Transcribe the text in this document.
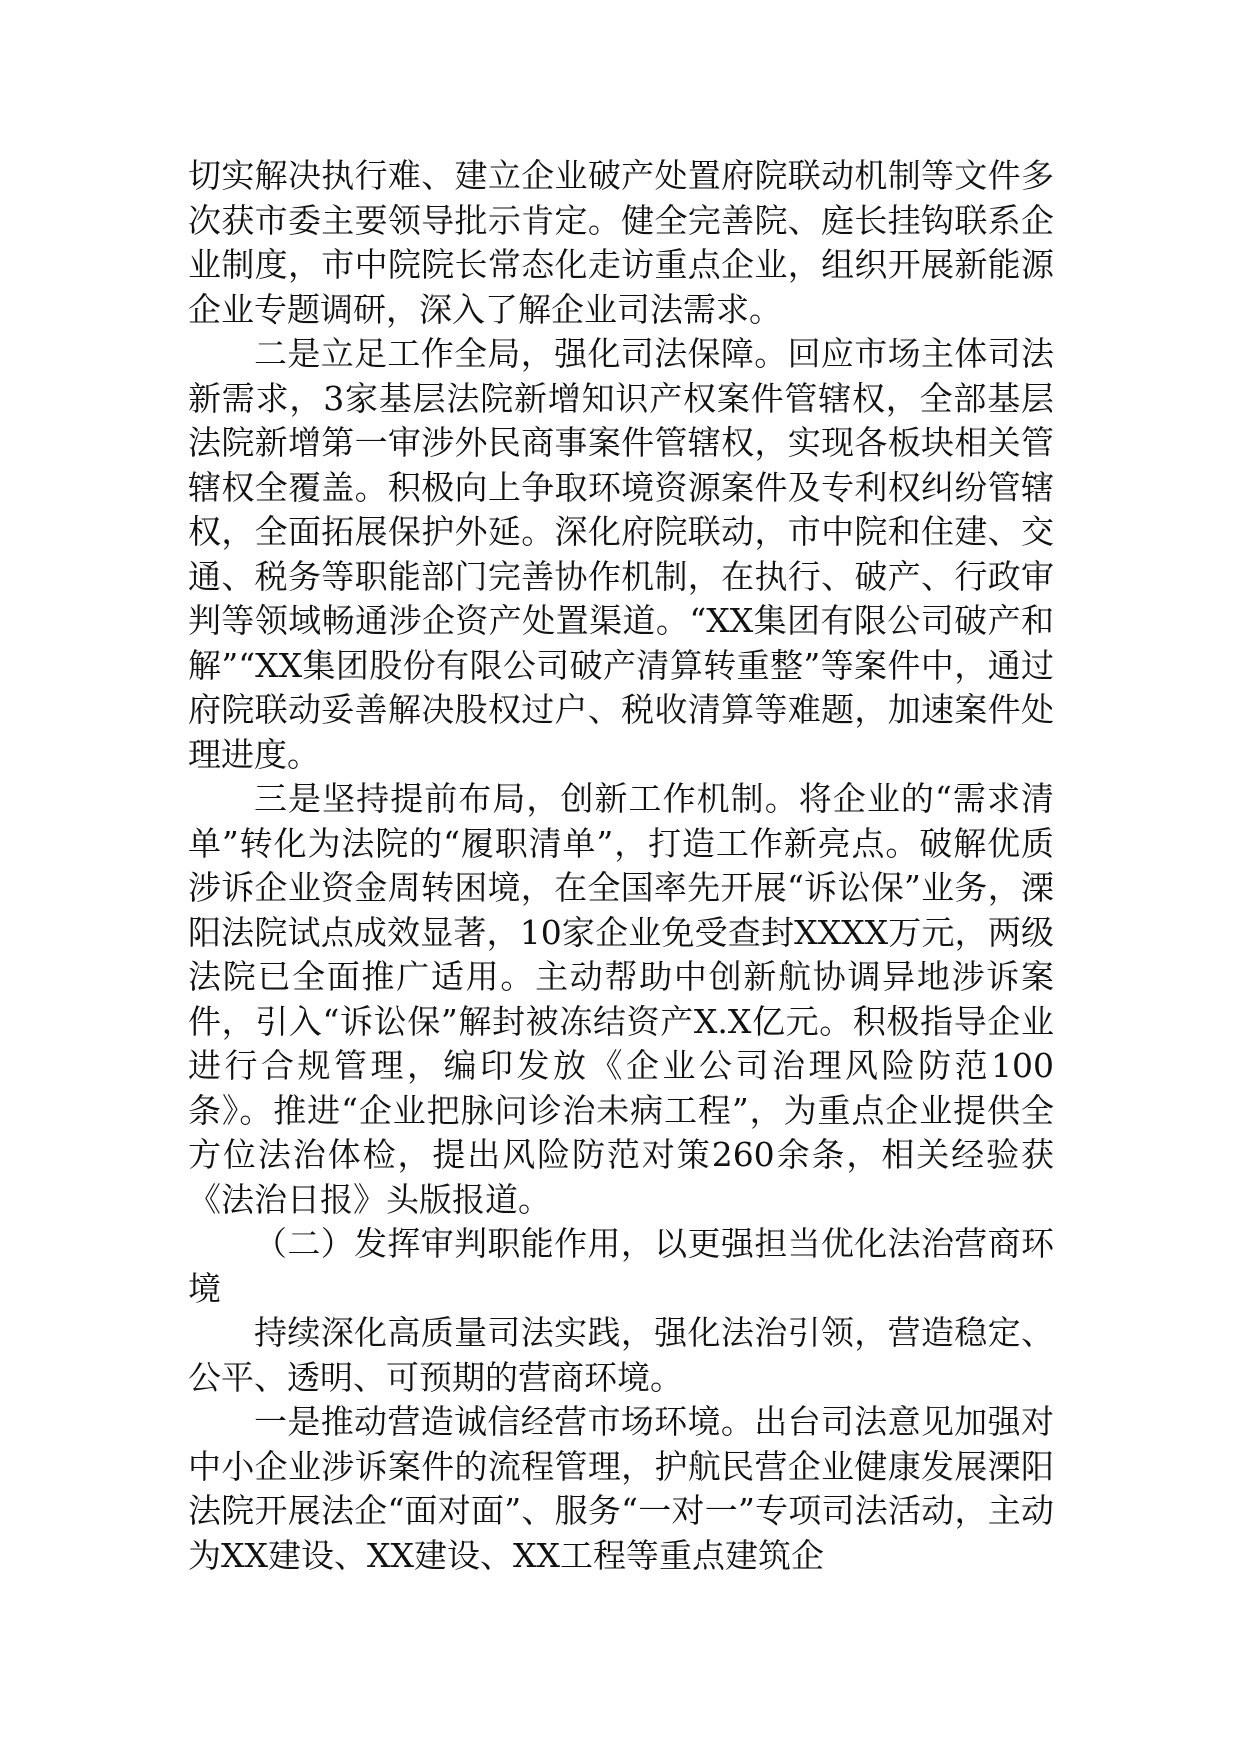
切实解决执行难、建立企业破产处置府院联动机制等文件多次获市委主要领导批示肯定。健全完善院、庭长挂钩联系企业制度，市中院院长常态化走访重点企业，组织开展新能源企业专题调研，深入了解企业司法需求。

二是立足工作全局，强化司法保障。回应市场主体司法新需求，3家基层法院新增知识产权案件管辖权，全部基层法院新增第一审涉外民商事案件管辖权，实现各板块相关管辖权全覆盖。积极向上争取环境资源案件及专利权纠纷管辖权，全面拓展保护外延。深化府院联动，市中院和住建、交通、税务等职能部门完善协作机制，在执行、破产、行政审判等领域畅通涉企资产处置渠道。“XX集团有限公司破产和解”“XX集团股份有限公司破产清算转重整”等案件中，通过府院联动妥善解决股权过户、税收清算等难题，加速案件处理进度。

三是坚持提前布局，创新工作机制。将企业的“需求清单”转化为法院的“履职清单”，打造工作新亮点。破解优质涉诉企业资金周转困境，在全国率先开展“诉讼保”业务，溧阳法院试点成效显著，10家企业免受查封XXXX万元，两级法院已全面推广适用。主动帮助中创新航协调异地涉诉案件，引入“诉讼保”解封被冻结资产X.X亿元。积极指导企业进行合规管理，编印发放《企业公司治理风险防范100条》。推进“企业把脉问诊治未病工程”，为重点企业提供全方位法治体检，提出风险防范对策260余条，相关经验获《法治日报》头版报道。

（二）发挥审判职能作用，以更强担当优化法治营商环境

持续深化高质量司法实践，强化法治引领，营造稳定、公平、透明、可预期的营商环境。

一是推动营造诚信经营市场环境。出台司法意见加强对中小企业涉诉案件的流程管理，护航民营企业健康发展溧阳法院开展法企“面对面”、服务“一对一”专项司法活动，主动为XX建设、XX建设、XX工程等重点建筑企
